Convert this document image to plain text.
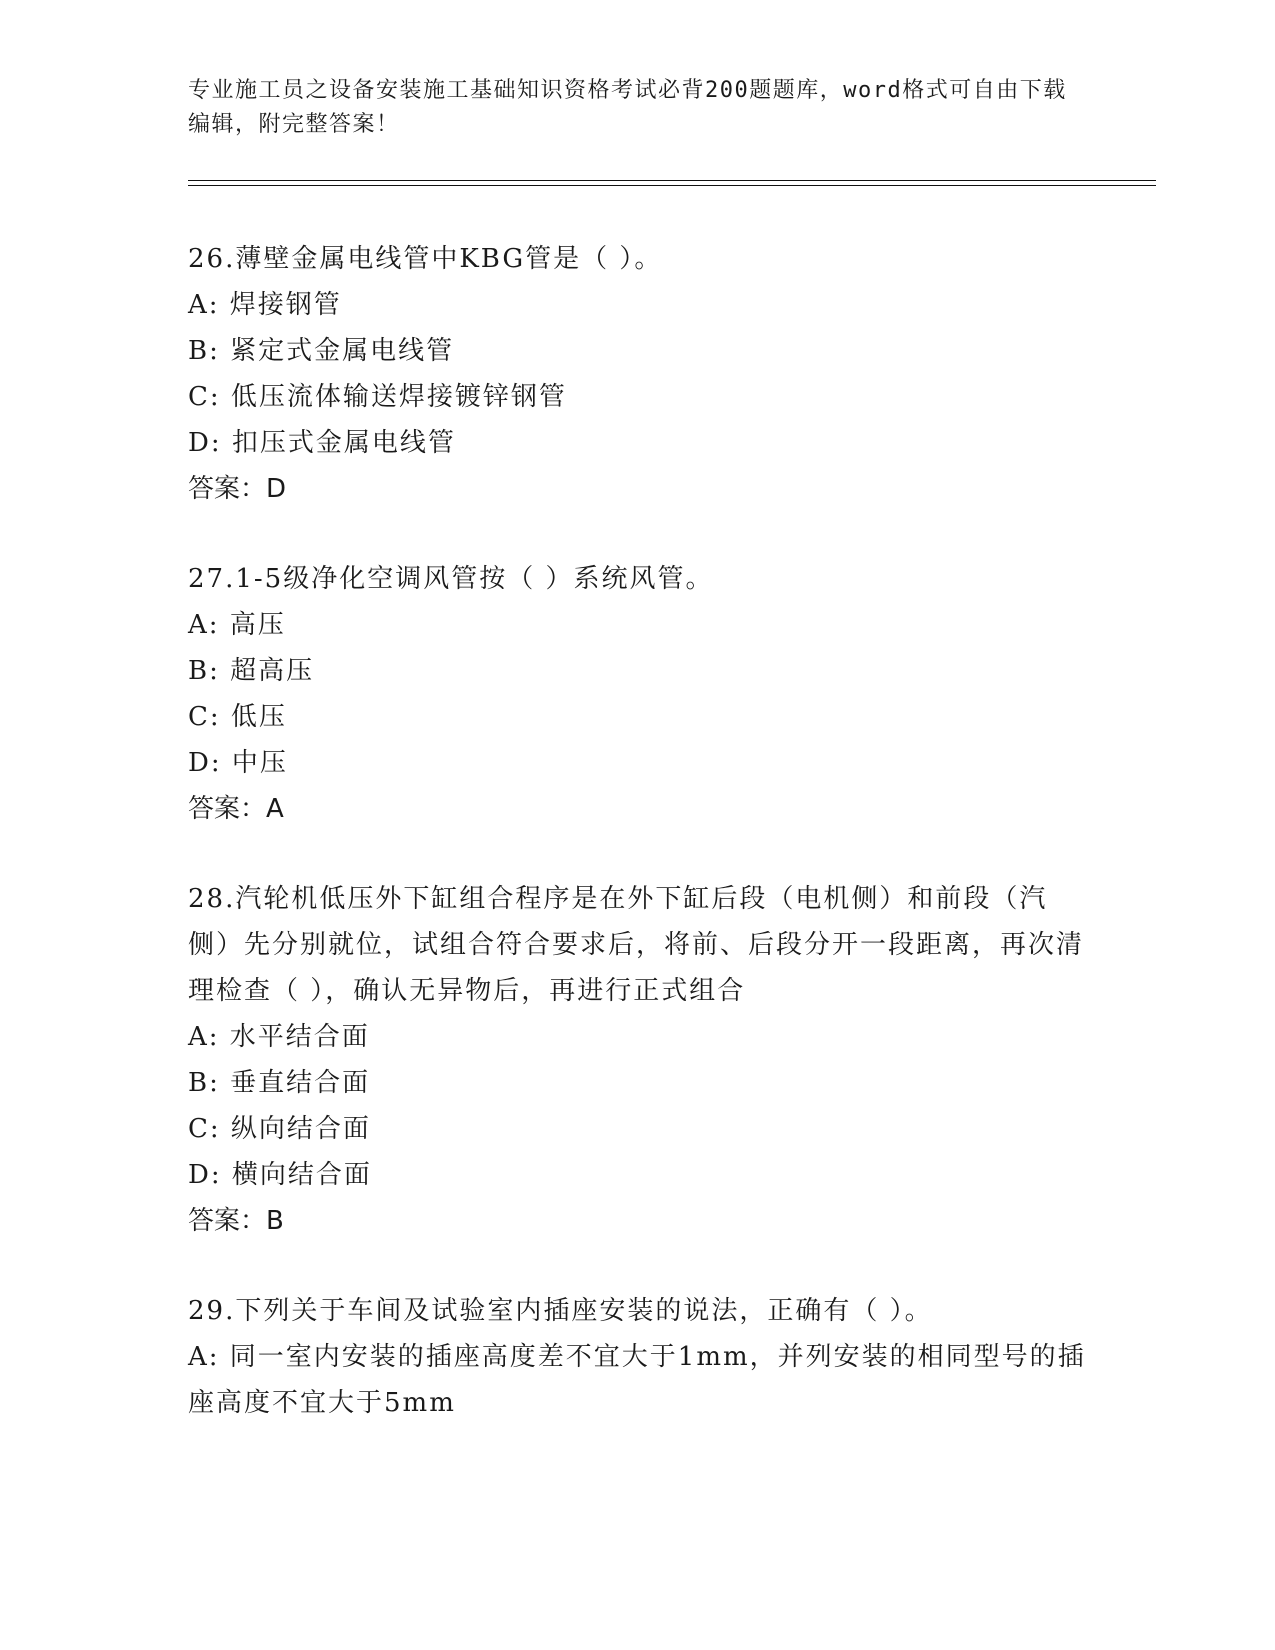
专业施工员之设备安装施工基础知识资格考试必背200题题库，word格式可自由下载编辑，附完整答案！
26.薄壁金属电线管中KBG管是（ ）。
A: 焊接钢管
B: 紧定式金属电线管
C: 低压流体输送焊接镀锌钢管
D: 扣压式金属电线管
答案：D
27.1-5级净化空调风管按（ ）系统风管。
A: 高压
B: 超高压
C: 低压
D: 中压
答案：A
28.汽轮机低压外下缸组合程序是在外下缸后段（电机侧）和前段（汽侧）先分别就位，试组合符合要求后，将前、后段分开一段距离，再次清理检查（ ），确认无异物后，再进行正式组合
A: 水平结合面
B: 垂直结合面
C: 纵向结合面
D: 横向结合面
答案：B
29.下列关于车间及试验室内插座安装的说法，正确有（ ）。
A: 同一室内安装的插座高度差不宜大于1mm，并列安装的相同型号的插座高度不宜大于5mm
